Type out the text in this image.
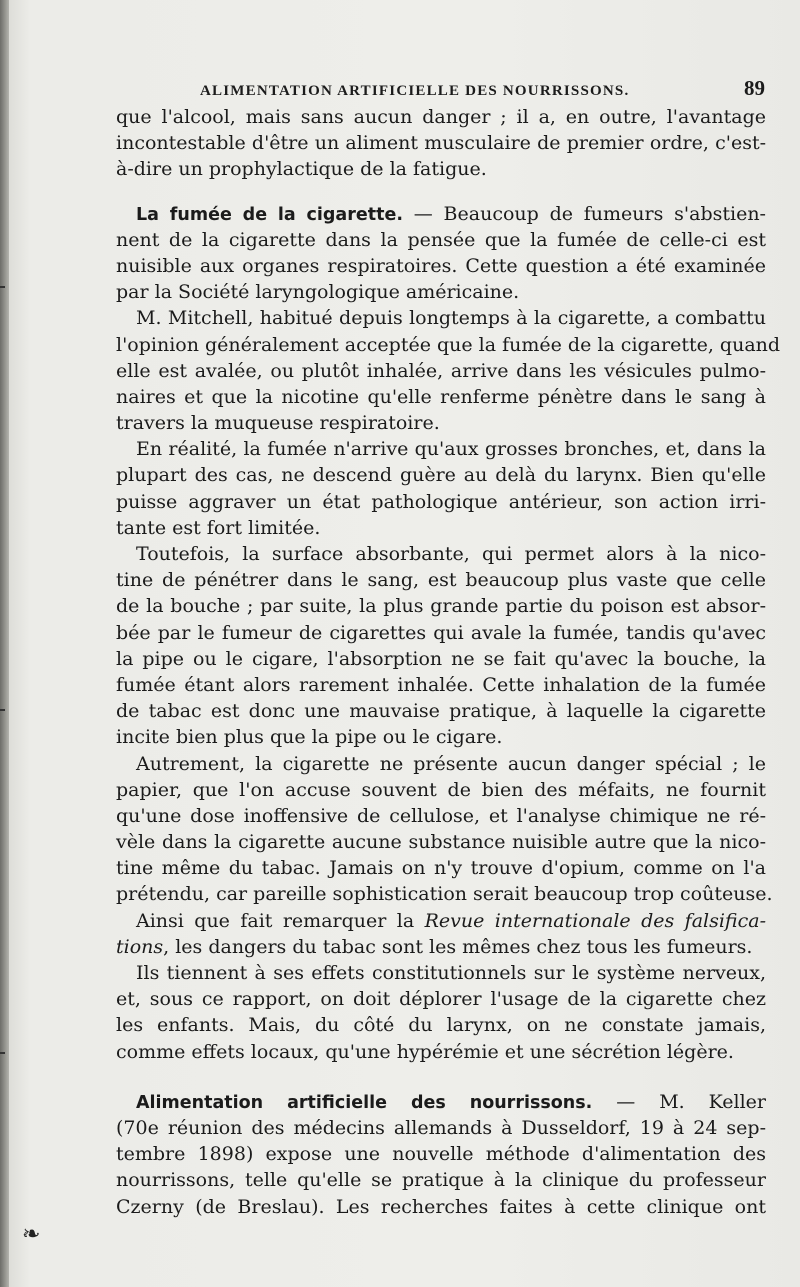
❧
ALIMENTATION ARTIFICIELLE DES NOURRISSONS.	89
que l'alcool, mais sans aucun danger ; il a, en outre, l'avantage
incontestable d'être un aliment musculaire de premier ordre, c'est-
à-dire un prophylactique de la fatigue.
La fumée de la cigarette. — Beaucoup de fumeurs s'abstien-
nent de la cigarette dans la pensée que la fumée de celle-ci est
nuisible aux organes respiratoires. Cette question a été examinée
par la Société laryngologique américaine.
M. Mitchell, habitué depuis longtemps à la cigarette, a combattu
l'opinion généralement acceptée que la fumée de la cigarette, quand
elle est avalée, ou plutôt inhalée, arrive dans les vésicules pulmo-
naires et que la nicotine qu'elle renferme pénètre dans le sang à
travers la muqueuse respiratoire.
En réalité, la fumée n'arrive qu'aux grosses bronches, et, dans la
plupart des cas, ne descend guère au delà du larynx. Bien qu'elle
puisse aggraver un état pathologique antérieur, son action irri-
tante est fort limitée.
Toutefois, la surface absorbante, qui permet alors à la nico-
tine de pénétrer dans le sang, est beaucoup plus vaste que celle
de la bouche ; par suite, la plus grande partie du poison est absor-
bée par le fumeur de cigarettes qui avale la fumée, tandis qu'avec
la pipe ou le cigare, l'absorption ne se fait qu'avec la bouche, la
fumée étant alors rarement inhalée. Cette inhalation de la fumée
de tabac est donc une mauvaise pratique, à laquelle la cigarette
incite bien plus que la pipe ou le cigare.
Autrement, la cigarette ne présente aucun danger spécial ; le
papier, que l'on accuse souvent de bien des méfaits, ne fournit
qu'une dose inoffensive de cellulose, et l'analyse chimique ne ré-
vèle dans la cigarette aucune substance nuisible autre que la nico-
tine même du tabac. Jamais on n'y trouve d'opium, comme on l'a
prétendu, car pareille sophistication serait beaucoup trop coûteuse.
Ainsi que fait remarquer la Revue internationale des falsifica-
tions, les dangers du tabac sont les mêmes chez tous les fumeurs.
Ils tiennent à ses effets constitutionnels sur le système nerveux,
et, sous ce rapport, on doit déplorer l'usage de la cigarette chez
les enfants. Mais, du côté du larynx, on ne constate jamais,
comme effets locaux, qu'une hypérémie et une sécrétion légère.
Alimentation artificielle des nourrissons. — M. Keller
(70e réunion des médecins allemands à Dusseldorf, 19 à 24 sep-
tembre 1898) expose une nouvelle méthode d'alimentation des
nourrissons, telle qu'elle se pratique à la clinique du professeur
Czerny (de Breslau). Les recherches faites à cette clinique ont
